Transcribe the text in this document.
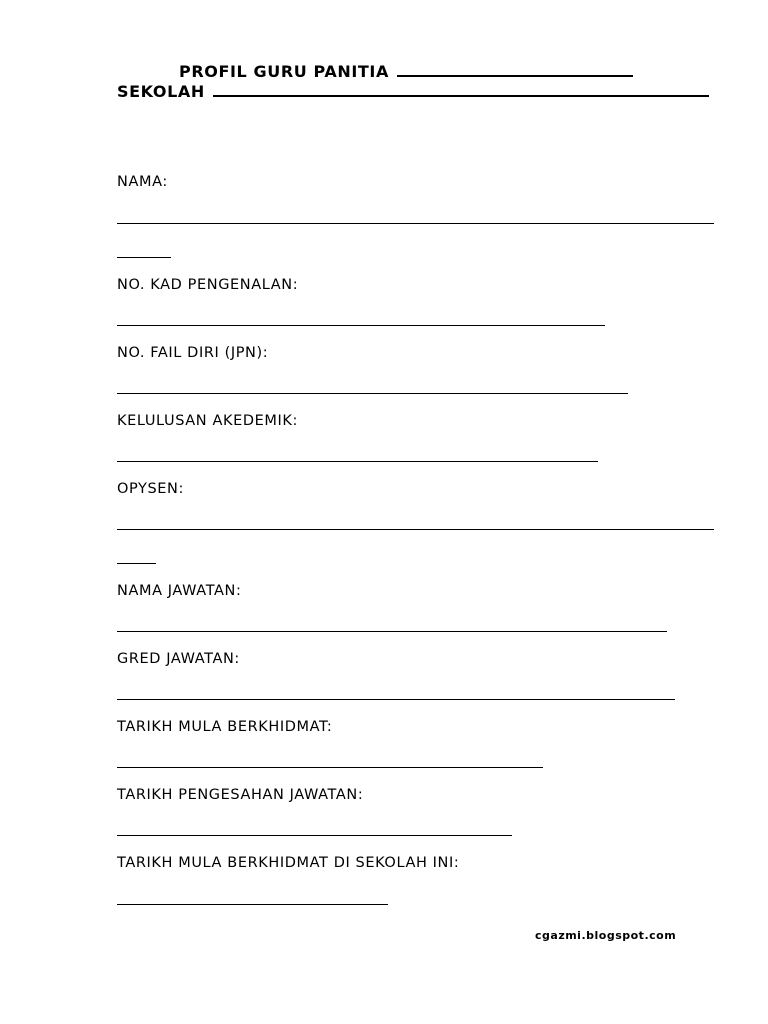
PROFIL GURU PANITIA
SEKOLAH
NAMA:
NO. KAD PENGENALAN:
NO. FAIL DIRI (JPN):
KELULUSAN AKEDEMIK:
OPYSEN:
NAMA JAWATAN:
GRED JAWATAN:
TARIKH MULA BERKHIDMAT:
TARIKH PENGESAHAN JAWATAN:
TARIKH MULA BERKHIDMAT DI SEKOLAH INI:
cgazmi.blogspot.com
